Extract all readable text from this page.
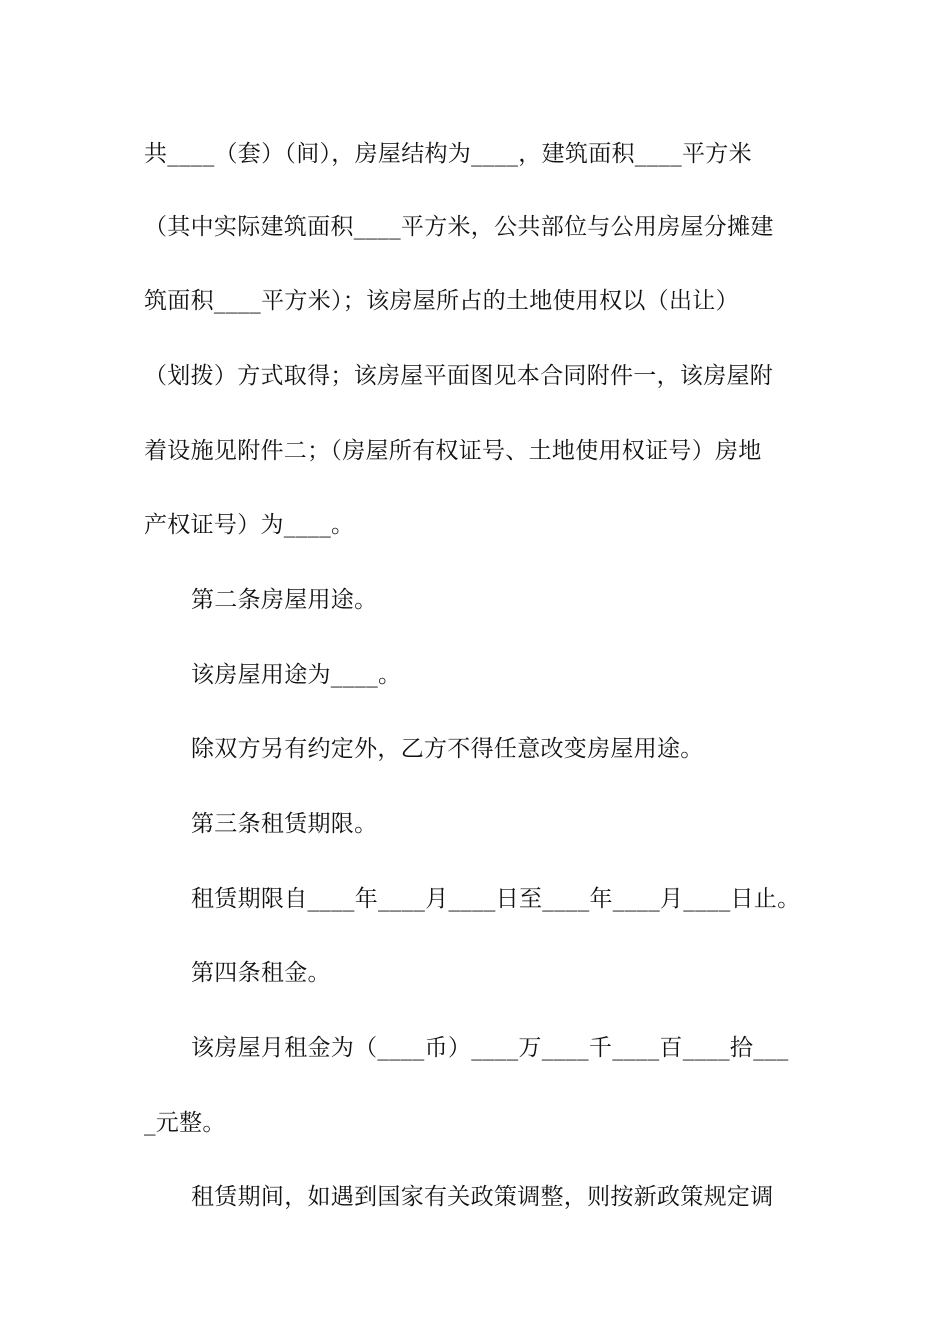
共____（套）（间），房屋结构为____，建筑面积____平方米
（其中实际建筑面积____平方米，公共部位与公用房屋分摊建
筑面积____平方米）；该房屋所占的土地使用权以（出让）
（划拨）方式取得；该房屋平面图见本合同附件一，该房屋附
着设施见附件二；（房屋所有权证号、土地使用权证号）房地
产权证号）为____。
第二条房屋用途。
该房屋用途为____。
除双方另有约定外，乙方不得任意改变房屋用途。
第三条租赁期限。
租赁期限自____年____月____日至____年____月____日止。
第四条租金。
该房屋月租金为（____币）____万____千____百____拾___
_元整。
租赁期间，如遇到国家有关政策调整，则按新政策规定调
